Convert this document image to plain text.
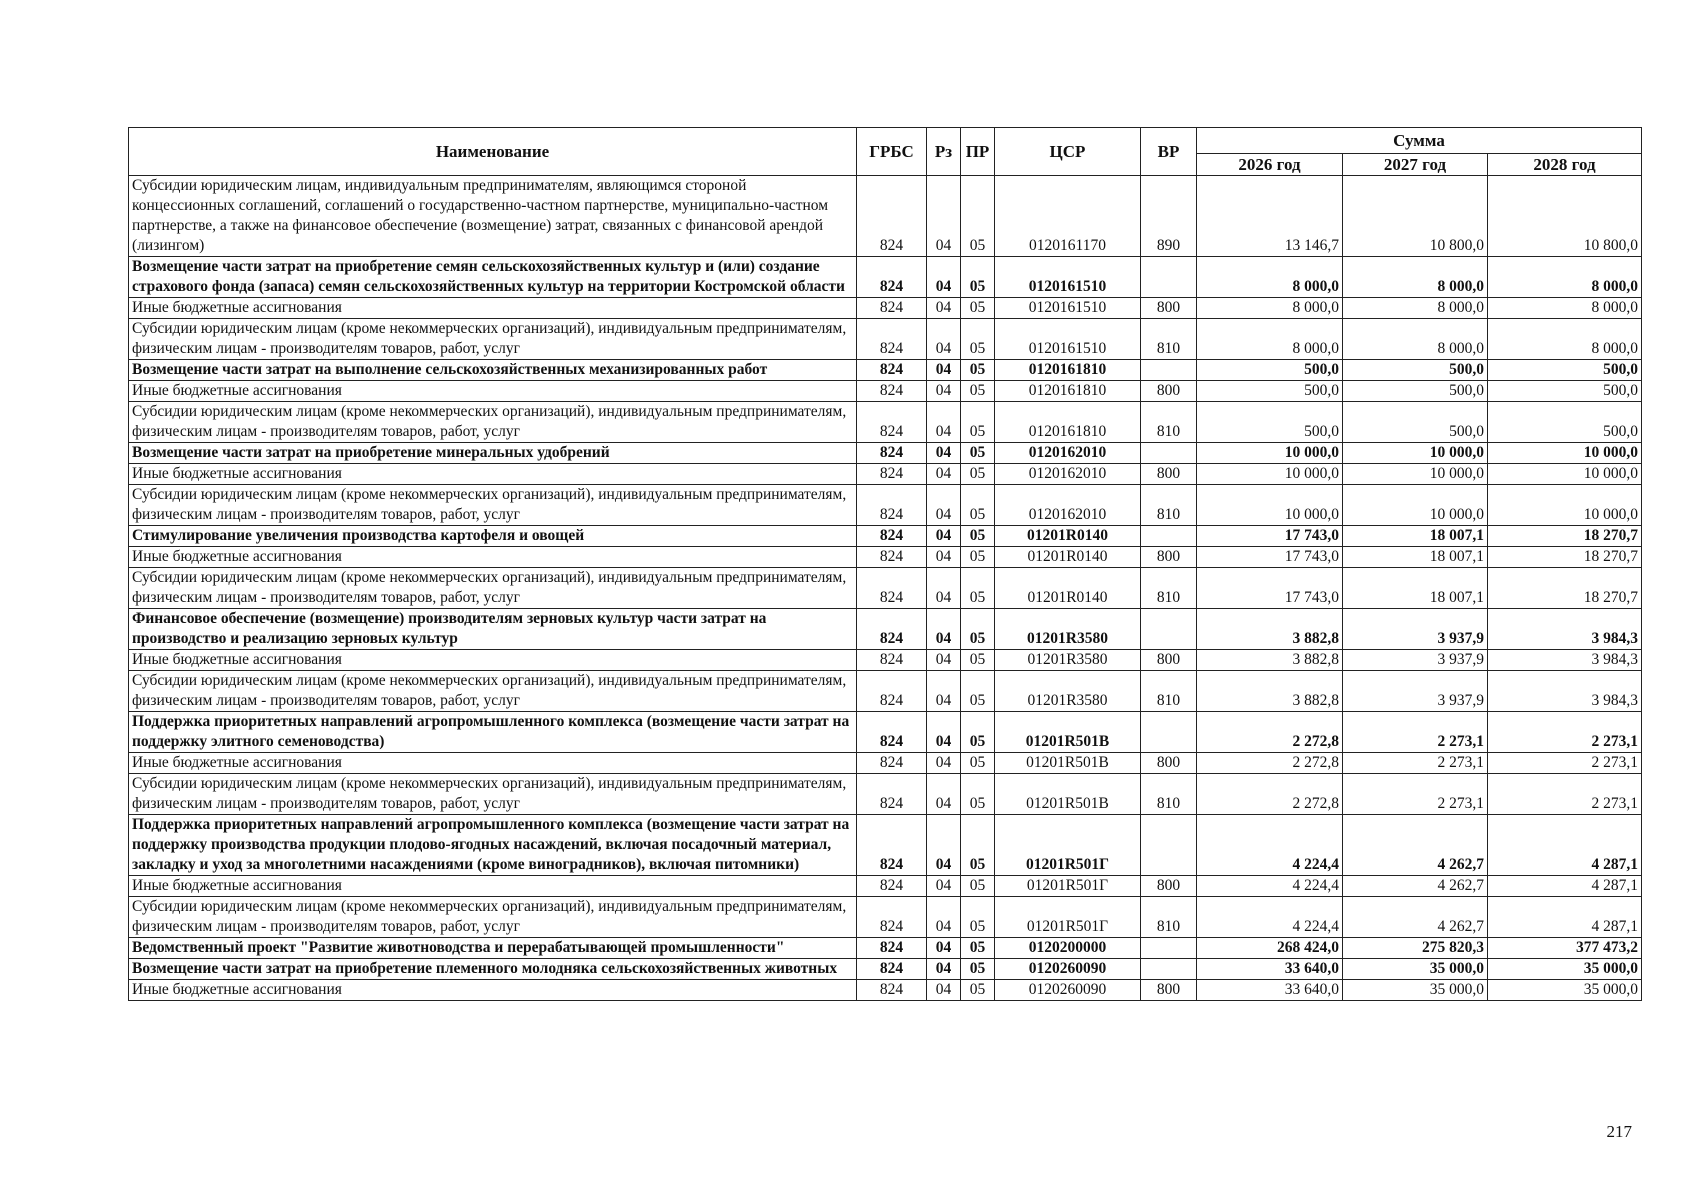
Наименование	ГРБС	Рз	ПР	ЦСР	ВР	Сумма		
						2026 год	2027 год	2028 год
Субсидии юридическим лицам, индивидуальным предпринимателям, являющимся стороной концессионных соглашений, соглашений о государственно-частном партнерстве, муниципально-частном партнерстве, а также на финансовое обеспечение (возмещение) затрат, связанных с финансовой арендой (лизингом)	824	04	05	0120161170	890	13 146,7	10 800,0	10 800,0
Возмещение части затрат на приобретение семян сельскохозяйственных культур и (или) создание страхового фонда (запаса) семян сельскохозяйственных культур на территории Костромской области	824	04	05	0120161510		8 000,0	8 000,0	8 000,0
Иные бюджетные ассигнования	824	04	05	0120161510	800	8 000,0	8 000,0	8 000,0
Субсидии юридическим лицам (кроме некоммерческих организаций), индивидуальным предпринимателям, физическим лицам - производителям товаров, работ, услуг	824	04	05	0120161510	810	8 000,0	8 000,0	8 000,0
Возмещение части затрат на выполнение сельскохозяйственных механизированных работ	824	04	05	0120161810		500,0	500,0	500,0
Иные бюджетные ассигнования	824	04	05	0120161810	800	500,0	500,0	500,0
Субсидии юридическим лицам (кроме некоммерческих организаций), индивидуальным предпринимателям, физическим лицам - производителям товаров, работ, услуг	824	04	05	0120161810	810	500,0	500,0	500,0
Возмещение части затрат на приобретение минеральных удобрений	824	04	05	0120162010		10 000,0	10 000,0	10 000,0
Иные бюджетные ассигнования	824	04	05	0120162010	800	10 000,0	10 000,0	10 000,0
Субсидии юридическим лицам (кроме некоммерческих организаций), индивидуальным предпринимателям, физическим лицам - производителям товаров, работ, услуг	824	04	05	0120162010	810	10 000,0	10 000,0	10 000,0
Стимулирование увеличения производства картофеля и овощей	824	04	05	01201R0140		17 743,0	18 007,1	18 270,7
Иные бюджетные ассигнования	824	04	05	01201R0140	800	17 743,0	18 007,1	18 270,7
Субсидии юридическим лицам (кроме некоммерческих организаций), индивидуальным предпринимателям, физическим лицам - производителям товаров, работ, услуг	824	04	05	01201R0140	810	17 743,0	18 007,1	18 270,7
Финансовое обеспечение (возмещение) производителям зерновых культур части затрат на производство и реализацию зерновых культур	824	04	05	01201R3580		3 882,8	3 937,9	3 984,3
Иные бюджетные ассигнования	824	04	05	01201R3580	800	3 882,8	3 937,9	3 984,3
Субсидии юридическим лицам (кроме некоммерческих организаций), индивидуальным предпринимателям, физическим лицам - производителям товаров, работ, услуг	824	04	05	01201R3580	810	3 882,8	3 937,9	3 984,3
Поддержка приоритетных направлений агропромышленного комплекса (возмещение части затрат на поддержку элитного семеноводства)	824	04	05	01201R501B		2 272,8	2 273,1	2 273,1
Иные бюджетные ассигнования	824	04	05	01201R501B	800	2 272,8	2 273,1	2 273,1
Субсидии юридическим лицам (кроме некоммерческих организаций), индивидуальным предпринимателям, физическим лицам - производителям товаров, работ, услуг	824	04	05	01201R501B	810	2 272,8	2 273,1	2 273,1
Поддержка приоритетных направлений агропромышленного комплекса (возмещение части затрат на поддержку производства продукции плодово-ягодных насаждений, включая посадочный материал, закладку и уход за многолетними насаждениями (кроме виноградников), включая питомники)	824	04	05	01201R501Г		4 224,4	4 262,7	4 287,1
Иные бюджетные ассигнования	824	04	05	01201R501Г	800	4 224,4	4 262,7	4 287,1
Субсидии юридическим лицам (кроме некоммерческих организаций), индивидуальным предпринимателям, физическим лицам - производителям товаров, работ, услуг	824	04	05	01201R501Г	810	4 224,4	4 262,7	4 287,1
Ведомственный проект "Развитие животноводства и перерабатывающей промышленности"	824	04	05	0120200000		268 424,0	275 820,3	377 473,2
Возмещение части затрат на приобретение племенного молодняка сельскохозяйственных животных	824	04	05	0120260090		33 640,0	35 000,0	35 000,0
Иные бюджетные ассигнования	824	04	05	0120260090	800	33 640,0	35 000,0	35 000,0
217
